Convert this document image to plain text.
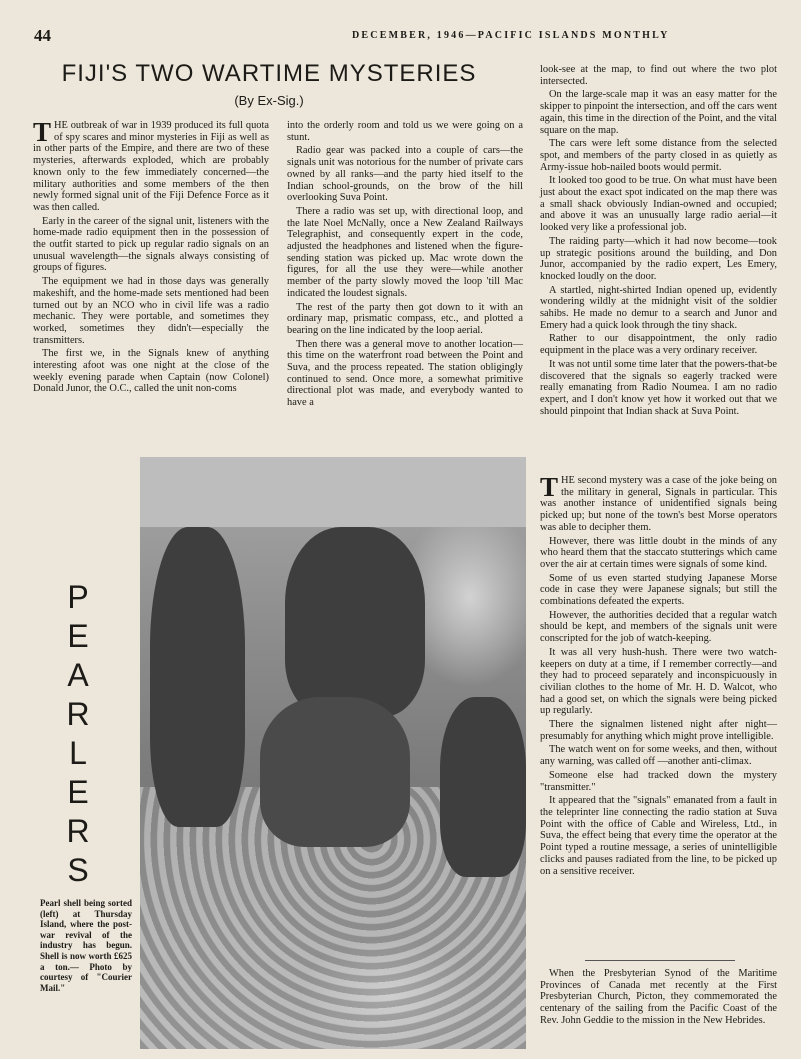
44	DECEMBER, 1946—PACIFIC ISLANDS MONTHLY
FIJI'S TWO WARTIME MYSTERIES
(By Ex-Sig.)

THE outbreak of war in 1939 produced its full quota of spy scares and minor mysteries in Fiji as well as in other parts of the Empire, and there are two of these mysteries, afterwards exploded, which are probably known only to the few immediately concerned—the military authorities and some members of the then newly formed signal unit of the Fiji Defence Force as it was then called.

Early in the career of the signal unit, listeners with the home-made radio equipment then in the possession of the outfit started to pick up regular radio signals on an unusual wavelength—the signals always consisting of groups of figures.

The equipment we had in those days was generally makeshift, and the home-made sets mentioned had been turned out by an NCO who in civil life was a radio mechanic. They were portable, and sometimes they worked, sometimes they didn't—especially the transmitters.

The first we, in the Signals knew of anything interesting afoot was one night at the close of the weekly evening parade when Captain (now Colonel) Donald Junor, the O.C., called the unit non-coms

into the orderly room and told us we were going on a stunt.

Radio gear was packed into a couple of cars—the signals unit was notorious for the number of private cars owned by all ranks—and the party hied itself to the Indian school-grounds, on the brow of the hill overlooking Suva Point.

There a radio was set up, with directional loop, and the late Noel McNally, once a New Zealand Railways Telegraphist, and consequently expert in the code, adjusted the headphones and listened when the figure-sending station was picked up. Mac wrote down the figures, for all the use they were—while another member of the party slowly moved the loop 'till Mac indicated the loudest signals.

The rest of the party then got down to it with an ordinary map, prismatic compass, etc., and plotted a bearing on the line indicated by the loop aerial.

Then there was a general move to another location—this time on the waterfront road between the Point and Suva, and the process repeated. The station obligingly continued to send. Once more, a somewhat primitive directional plot was made, and everybody wanted to have a

look-see at the map, to find out where the two plot intersected.

On the large-scale map it was an easy matter for the skipper to pinpoint the intersection, and off the cars went again, this time in the direction of the Point, and the vital square on the map.

The cars were left some distance from the selected spot, and members of the party closed in as quietly as Army-issue hob-nailed boots would permit.

It looked too good to be true. On what must have been just about the exact spot indicated on the map there was a small shack obviously Indian-owned and occupied; and above it was an unusually large radio aerial—it looked very like a professional job.

The raiding party—which it had now become—took up strategic positions around the building, and Don Junor, accompanied by the radio expert, Les Emery, knocked loudly on the door.

A startled, night-shirted Indian opened up, evidently wondering wildly at the midnight visit of the soldier sahibs. He made no demur to a search and Junor and Emery had a quick look through the tiny shack.

Rather to our disappointment, the only radio equipment in the place was a very ordinary receiver.

It was not until some time later that the powers-that-be discovered that the signals so eagerly tracked were really emanating from Radio Noumea. I am no radio expert, and I don't know yet how it worked out that we should pinpoint that Indian shack at Suva Point.

THE second mystery was a case of the joke being on the military in general, Signals in particular. This was another instance of unidentified signals being picked up; but none of the town's best Morse operators was able to decipher them.

However, there was little doubt in the minds of any who heard them that the staccato stutterings which came over the air at certain times were signals of some kind.

Some of us even started studying Japanese Morse code in case they were Japanese signals; but still the combinations defeated the experts.

However, the authorities decided that a regular watch should be kept, and members of the signals unit were conscripted for the job of watch-keeping.

It was all very hush-hush. There were two watch-keepers on duty at a time, if I remember correctly—and they had to proceed separately and inconspicuously in civilian clothes to the home of Mr. H. D. Walcot, who had a good set, on which the signals were being picked up regularly.

There the signalmen listened night after night—presumably for anything which might prove intelligible.

The watch went on for some weeks, and then, without any warning, was called off —another anti-climax.

Someone else had tracked down the mystery "transmitter."

It appeared that the "signals" emanated from a fault in the teleprinter line connecting the radio station at Suva Point with the office of Cable and Wireless, Ltd., in Suva, the effect being that every time the operator at the Point typed a routine message, a series of unintelligible clicks and pauses radiated from the line, to be picked up on a sensitive receiver.

When the Presbyterian Synod of the Maritime Provinces of Canada met recently at the First Presbyterian Church, Picton, they commemorated the centenary of the sailing from the Pacific Coast of the Rev. John Geddie to the mission in the New Hebrides.

P
E
A
R
L
E
R
S
Pearl shell being sorted (left) at Thursday Island, where the post-war revival of the industry has begun. Shell is now worth £625 a ton.— Photo by courtesy of "Courier Mail."
